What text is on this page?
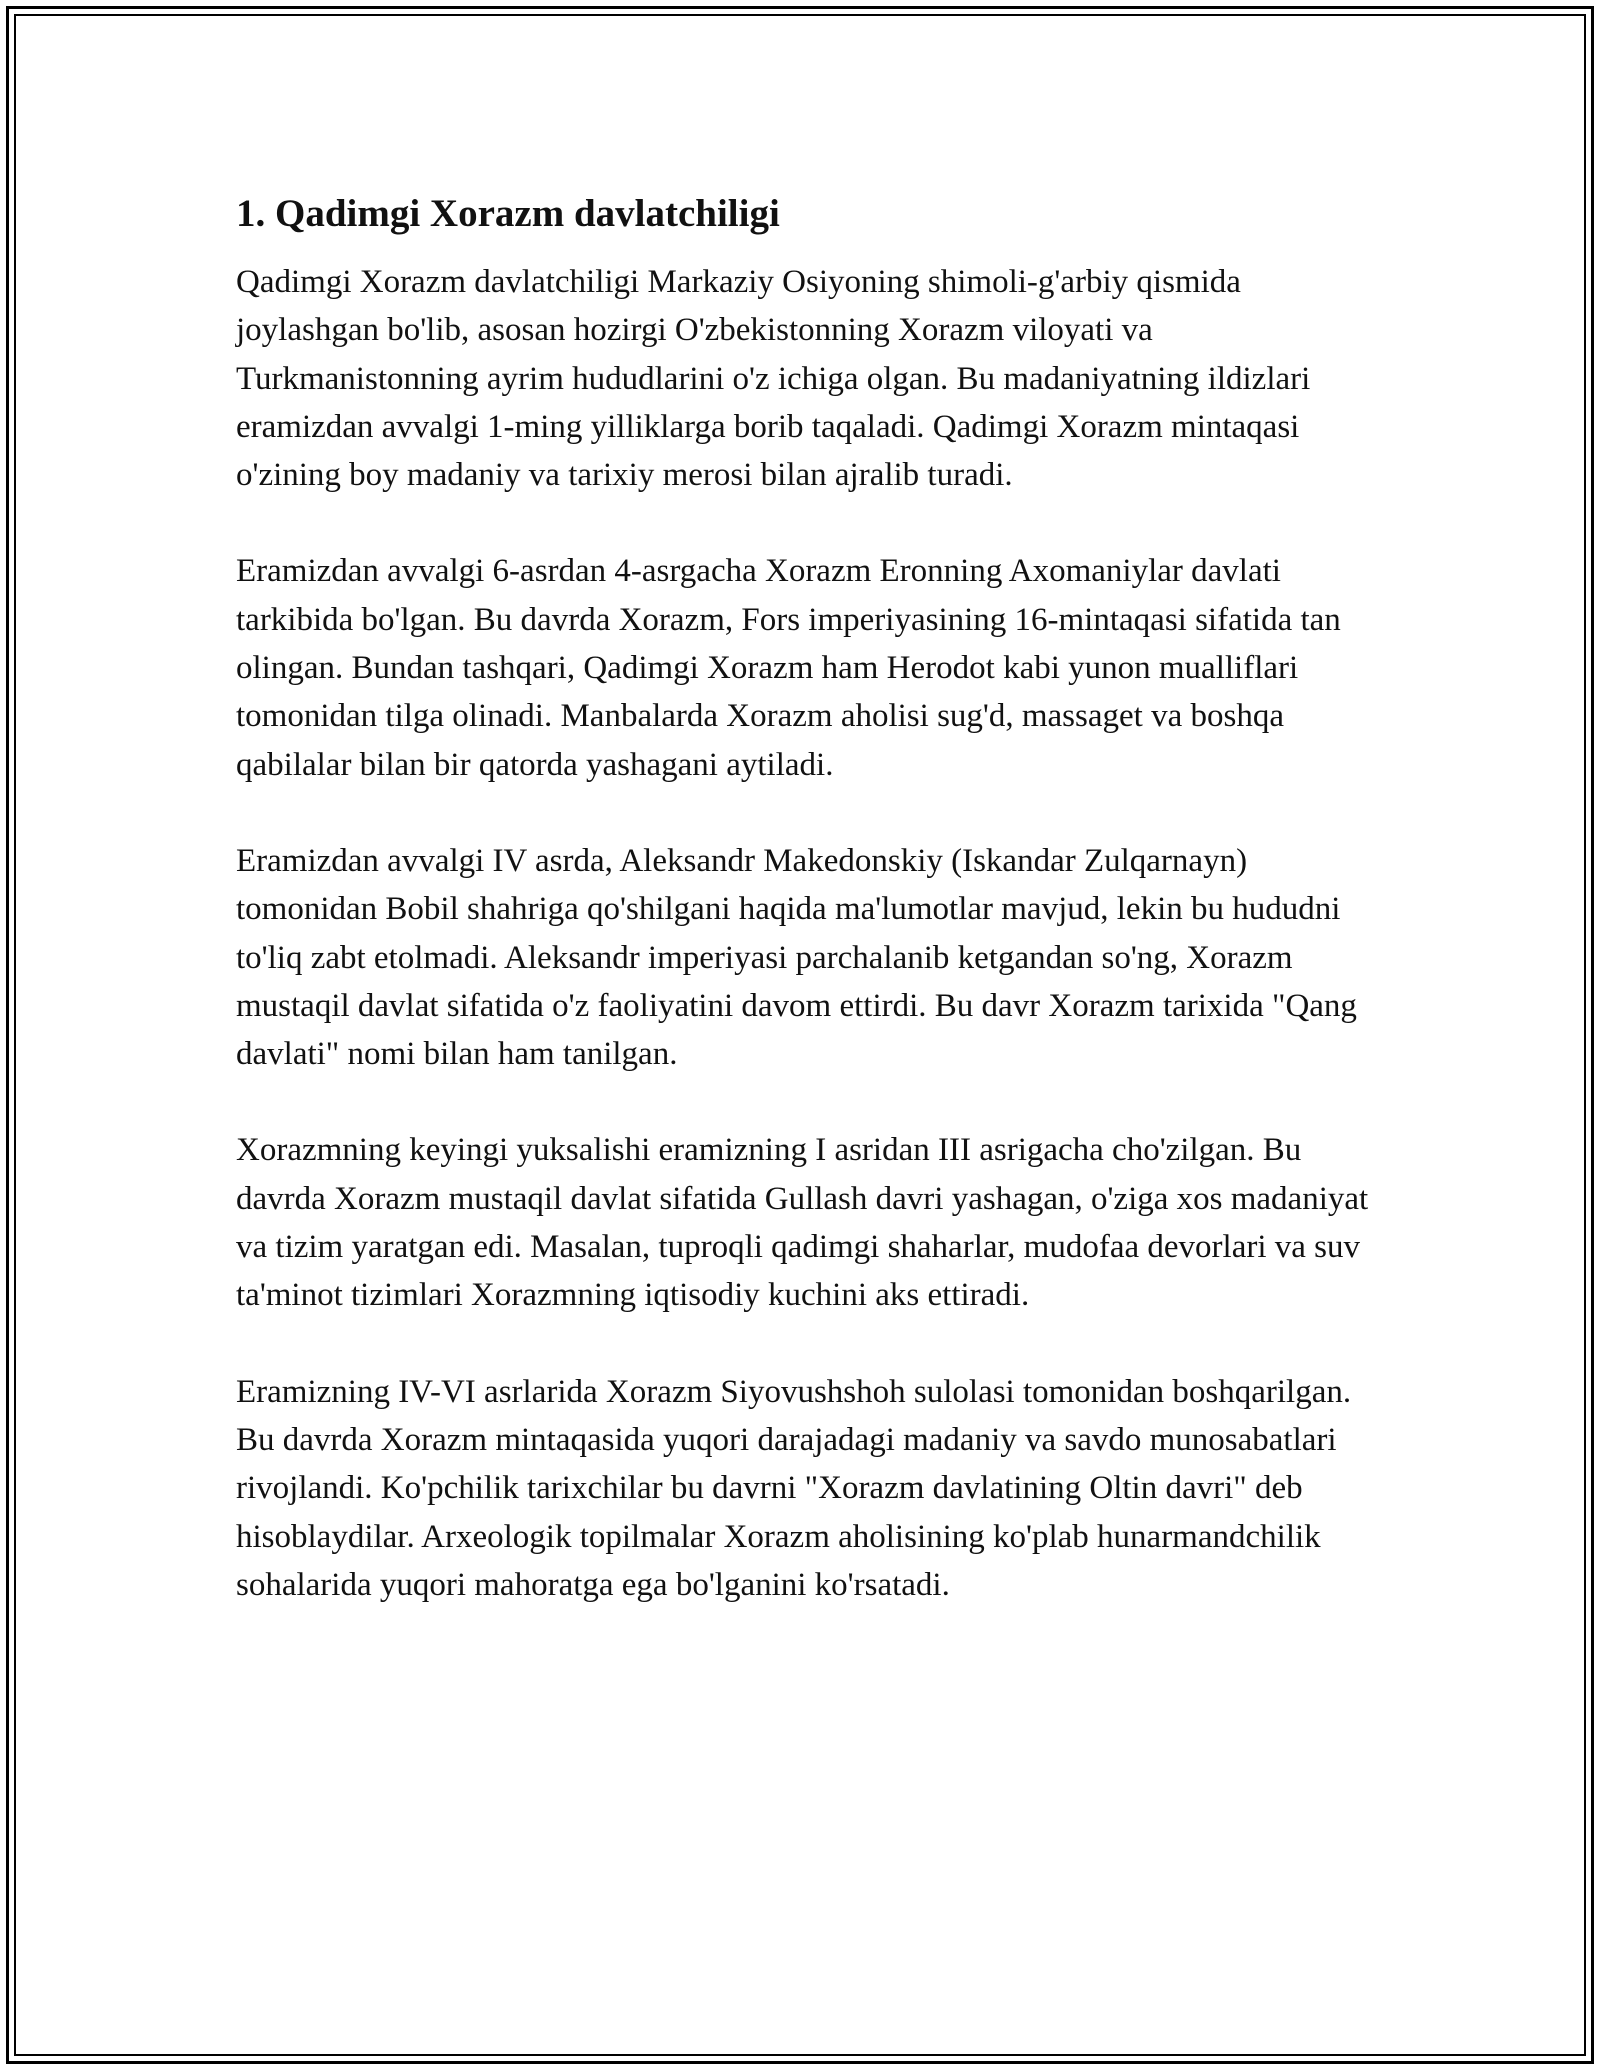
1. Qadimgi Xorazm davlatchiligi

Qadimgi Xorazm davlatchiligi Markaziy Osiyoning shimoli-g'arbiy qismida joylashgan bo'lib, asosan hozirgi O'zbekistonning Xorazm viloyati va Turkmanistonning ayrim hududlarini o'z ichiga olgan. Bu madaniyatning ildizlari eramizdan avvalgi 1-ming yilliklarga borib taqaladi. Qadimgi Xorazm mintaqasi o'zining boy madaniy va tarixiy merosi bilan ajralib turadi.

Eramizdan avvalgi 6-asrdan 4-asrgacha Xorazm Eronning Axomaniylar davlati tarkibida bo'lgan. Bu davrda Xorazm, Fors imperiyasining 16-mintaqasi sifatida tan olingan. Bundan tashqari, Qadimgi Xorazm ham Herodot kabi yunon mualliflari tomonidan tilga olinadi. Manbalarda Xorazm aholisi sug'd, massaget va boshqa qabilalar bilan bir qatorda yashagani aytiladi.

Eramizdan avvalgi IV asrda, Aleksandr Makedonskiy (Iskandar Zulqarnayn) tomonidan Bobil shahriga qo'shilgani haqida ma'lumotlar mavjud, lekin bu hududni to'liq zabt etolmadi. Aleksandr imperiyasi parchalanib ketgandan so'ng, Xorazm mustaqil davlat sifatida o'z faoliyatini davom ettirdi. Bu davr Xorazm tarixida "Qang davlati" nomi bilan ham tanilgan.

Xorazmning keyingi yuksalishi eramizning I asridan III asrigacha cho'zilgan. Bu davrda Xorazm mustaqil davlat sifatida Gullash davri yashagan, o'ziga xos madaniyat va tizim yaratgan edi. Masalan, tuproqli qadimgi shaharlar, mudofaa devorlari va suv ta'minot tizimlari Xorazmning iqtisodiy kuchini aks ettiradi.

Eramizning IV-VI asrlarida Xorazm Siyovushshoh sulolasi tomonidan boshqarilgan. Bu davrda Xorazm mintaqasida yuqori darajadagi madaniy va savdo munosabatlari rivojlandi. Ko'pchilik tarixchilar bu davrni "Xorazm davlatining Oltin davri" deb hisoblaydilar. Arxeologik topilmalar Xorazm aholisining ko'plab hunarmandchilik sohalarida yuqori mahoratga ega bo'lganini ko'rsatadi.
